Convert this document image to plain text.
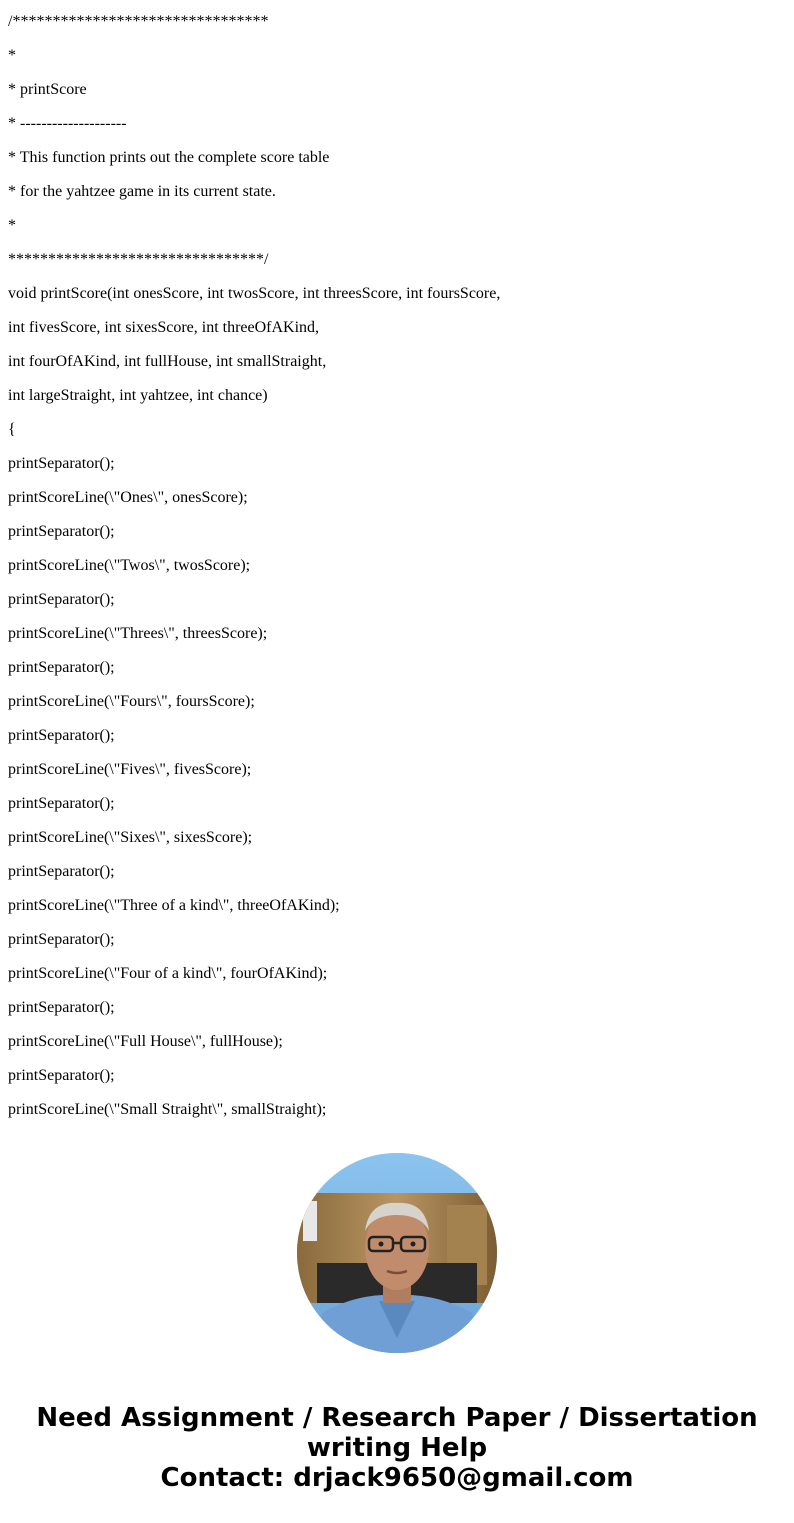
/********************************
*
* printScore
* --------------------
* This function prints out the complete score table
* for the yahtzee game in its current state.
*
********************************/
void printScore(int onesScore, int twosScore, int threesScore, int foursScore,
int fivesScore, int sixesScore, int threeOfAKind,
int fourOfAKind, int fullHouse, int smallStraight,
int largeStraight, int yahtzee, int chance)
{
printSeparator();
printScoreLine(\"Ones\", onesScore);
printSeparator();
printScoreLine(\"Twos\", twosScore);
printSeparator();
printScoreLine(\"Threes\", threesScore);
printSeparator();
printScoreLine(\"Fours\", foursScore);
printSeparator();
printScoreLine(\"Fives\", fivesScore);
printSeparator();
printScoreLine(\"Sixes\", sixesScore);
printSeparator();
printScoreLine(\"Three of a kind\", threeOfAKind);
printSeparator();
printScoreLine(\"Four of a kind\", fourOfAKind);
printSeparator();
printScoreLine(\"Full House\", fullHouse);
printSeparator();
printScoreLine(\"Small Straight\", smallStraight);
Need Assignment / Research Paper / Dissertation
writing Help
Contact: drjack9650@gmail.com
